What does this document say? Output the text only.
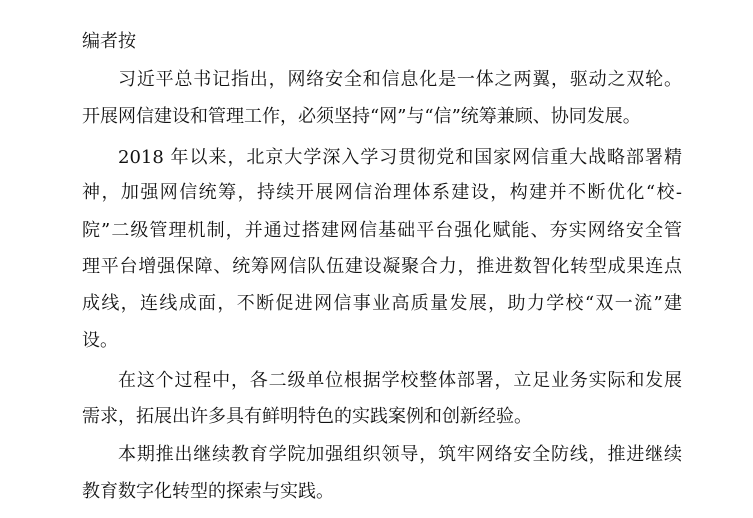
编者按

习近平总书记指出，网络安全和信息化是一体之两翼，驱动之双轮。

开展网信建设和管理工作，必须坚持“网”与“信”统筹兼顾、协同发展。

2018 年以来，北京大学深入学习贯彻党和国家网信重大战略部署精

神，加强网信统筹，持续开展网信治理体系建设，构建并不断优化“校-

院”二级管理机制，并通过搭建网信基础平台强化赋能、夯实网络安全管

理平台增强保障、统筹网信队伍建设凝聚合力，推进数智化转型成果连点

成线，连线成面，不断促进网信事业高质量发展，助力学校“双一流”建

设。

在这个过程中，各二级单位根据学校整体部署，立足业务实际和发展

需求，拓展出许多具有鲜明特色的实践案例和创新经验。

本期推出继续教育学院加强组织领导，筑牢网络安全防线，推进继续

教育数字化转型的探索与实践。
